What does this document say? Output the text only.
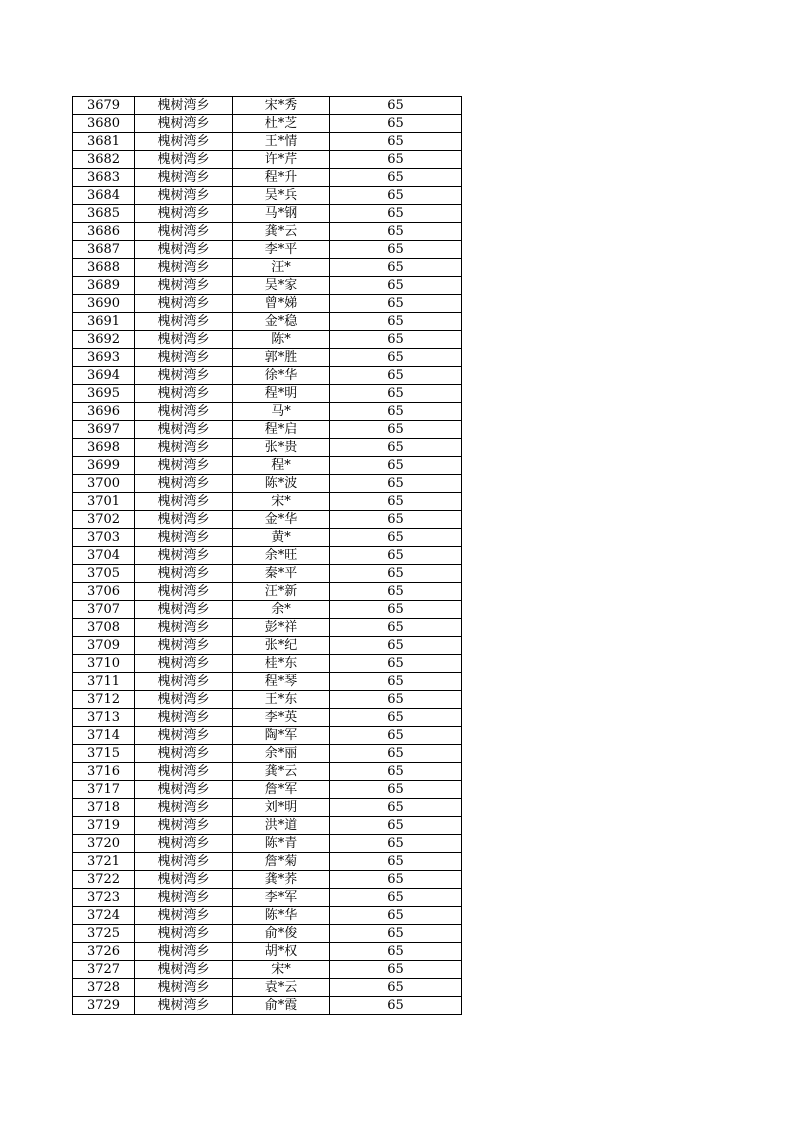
3679	槐树湾乡	宋*秀	65
3680	槐树湾乡	杜*芝	65
3681	槐树湾乡	王*情	65
3682	槐树湾乡	许*芹	65
3683	槐树湾乡	程*升	65
3684	槐树湾乡	吴*兵	65
3685	槐树湾乡	马*钢	65
3686	槐树湾乡	龚*云	65
3687	槐树湾乡	李*平	65
3688	槐树湾乡	汪*	65
3689	槐树湾乡	吴*家	65
3690	槐树湾乡	曾*娣	65
3691	槐树湾乡	金*稳	65
3692	槐树湾乡	陈*	65
3693	槐树湾乡	郭*胜	65
3694	槐树湾乡	徐*华	65
3695	槐树湾乡	程*明	65
3696	槐树湾乡	马*	65
3697	槐树湾乡	程*启	65
3698	槐树湾乡	张*贵	65
3699	槐树湾乡	程*	65
3700	槐树湾乡	陈*波	65
3701	槐树湾乡	宋*	65
3702	槐树湾乡	金*华	65
3703	槐树湾乡	黄*	65
3704	槐树湾乡	余*旺	65
3705	槐树湾乡	秦*平	65
3706	槐树湾乡	汪*新	65
3707	槐树湾乡	余*	65
3708	槐树湾乡	彭*祥	65
3709	槐树湾乡	张*纪	65
3710	槐树湾乡	桂*东	65
3711	槐树湾乡	程*琴	65
3712	槐树湾乡	王*东	65
3713	槐树湾乡	李*英	65
3714	槐树湾乡	陶*军	65
3715	槐树湾乡	余*丽	65
3716	槐树湾乡	龚*云	65
3717	槐树湾乡	詹*军	65
3718	槐树湾乡	刘*明	65
3719	槐树湾乡	洪*道	65
3720	槐树湾乡	陈*青	65
3721	槐树湾乡	詹*菊	65
3722	槐树湾乡	龚*荞	65
3723	槐树湾乡	李*军	65
3724	槐树湾乡	陈*华	65
3725	槐树湾乡	俞*俊	65
3726	槐树湾乡	胡*权	65
3727	槐树湾乡	宋*	65
3728	槐树湾乡	袁*云	65
3729	槐树湾乡	俞*霞	65
